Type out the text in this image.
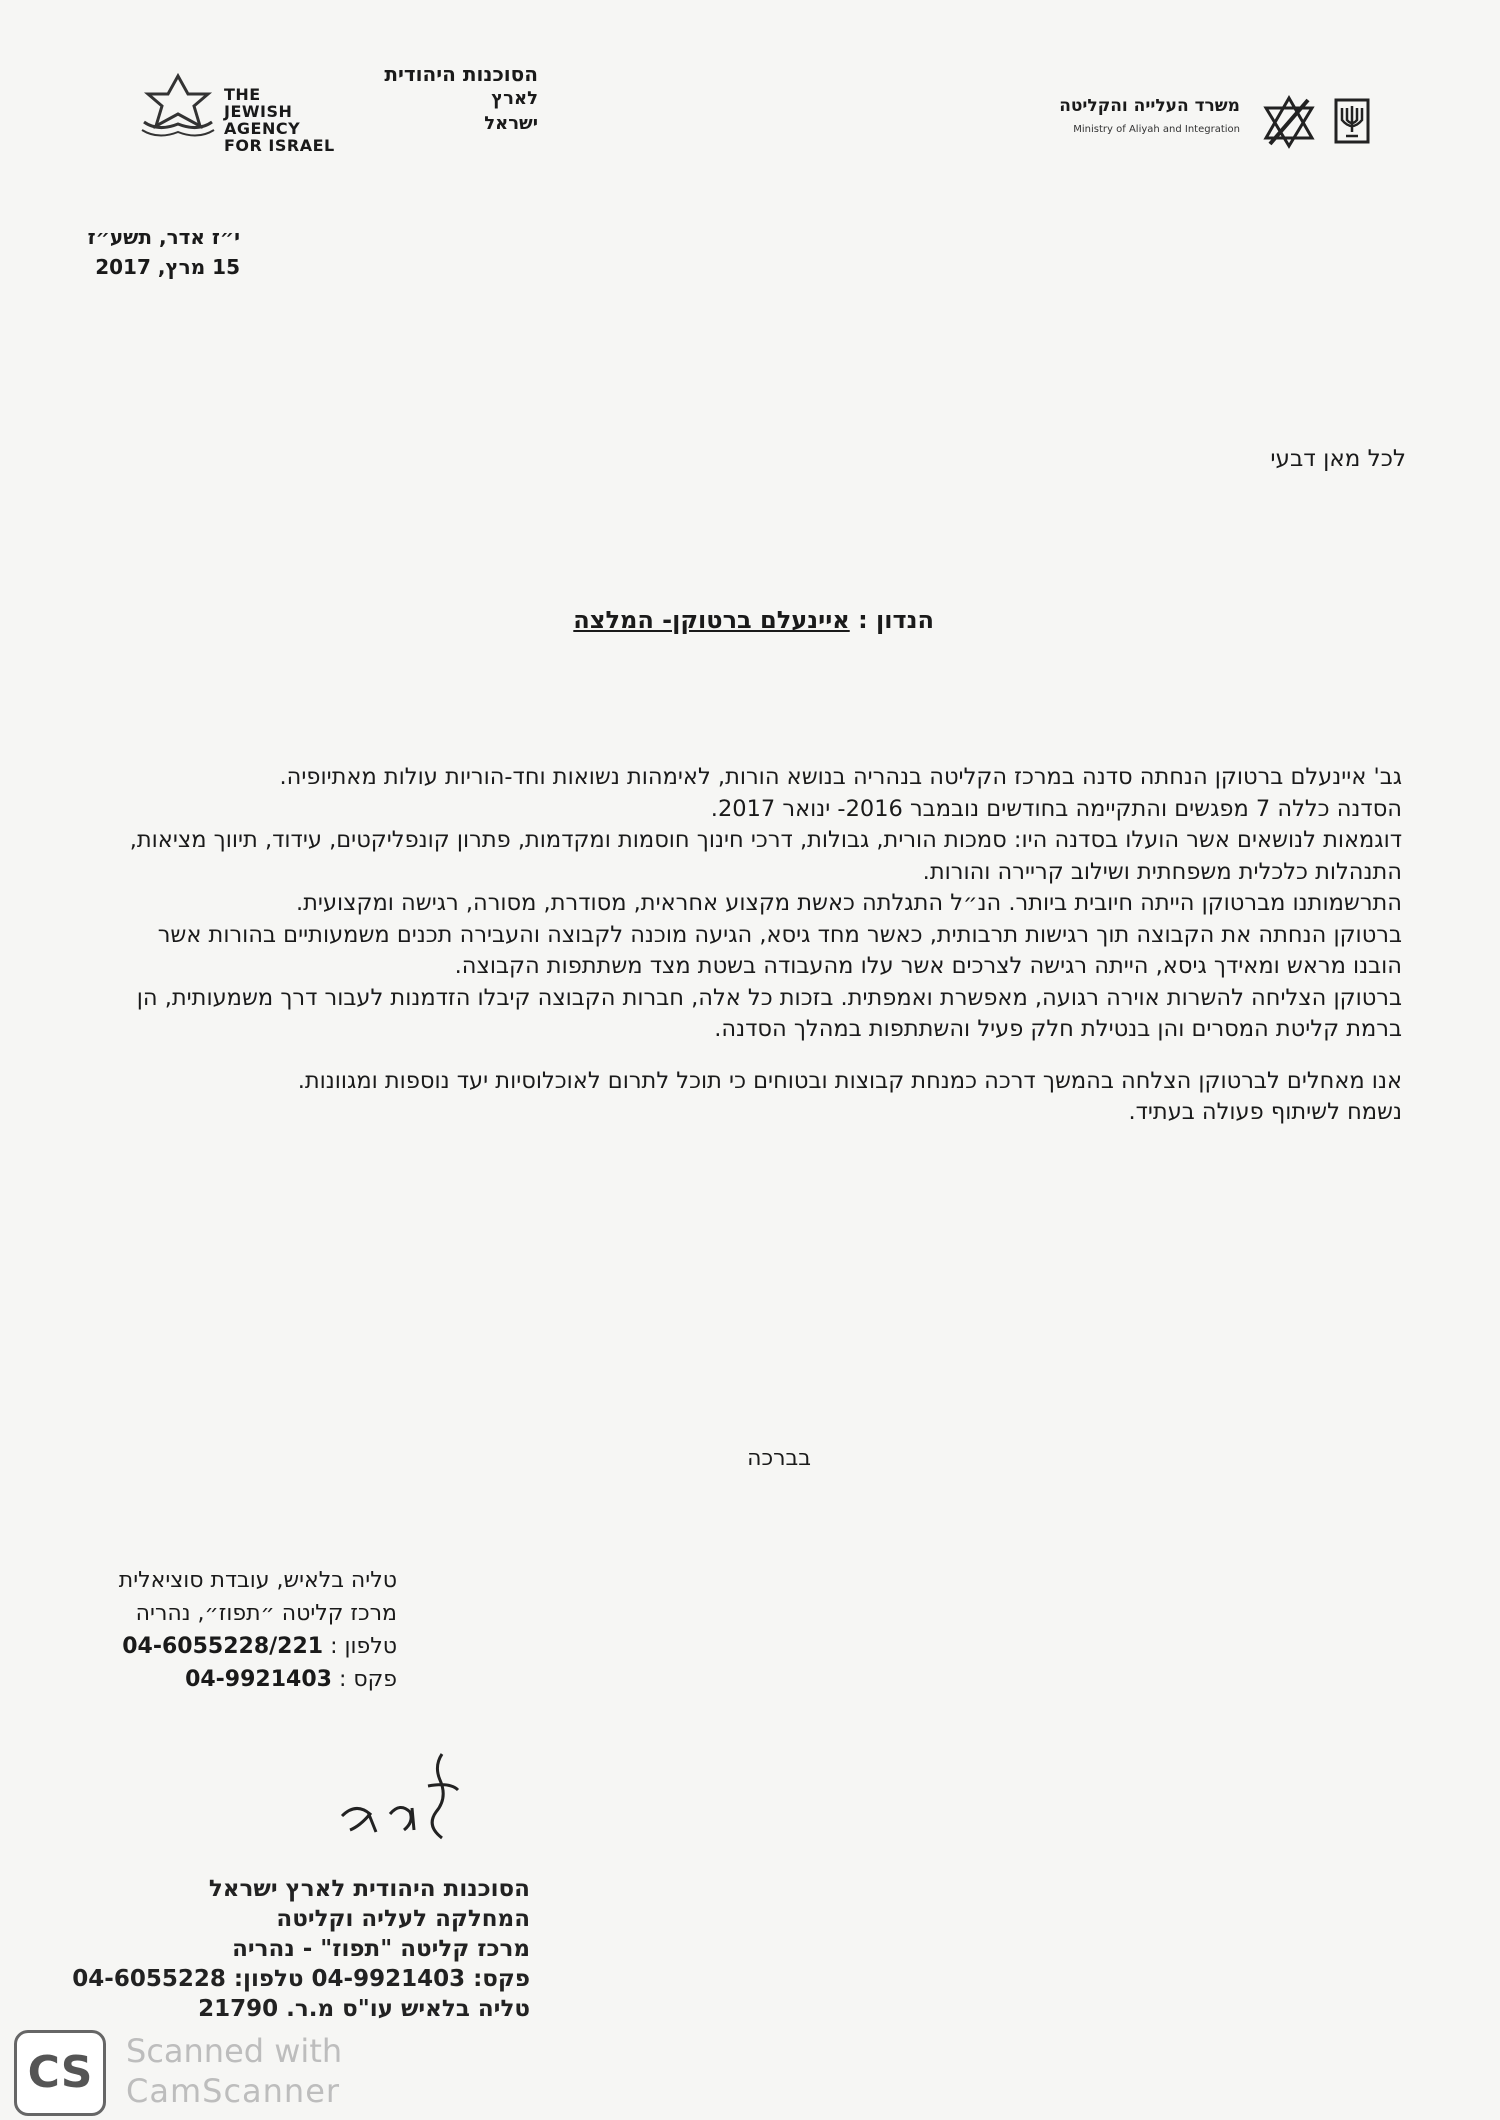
הסוכנות היהודית
THE
JEWISH AGENCY
FOR ISRAEL
לארץ
ישראל
משרד העלייה והקליטה
Ministry of Aliyah and Integration
י״ז אדר, תשע״ז
15 מרץ, 2017
לכל מאן דבעי
הנדון : איינעלם ברטוקן- המלצה

גב' איינעלם ברטוקן הנחתה סדנה במרכז הקליטה בנהריה בנושא הורות, לאימהות נשואות וחד-הוריות עולות מאתיופיה.

הסדנה כללה 7 מפגשים והתקיימה בחודשים נובמבר 2016- ינואר 2017.

דוגמאות לנושאים אשר הועלו בסדנה היו: סמכות הורית, גבולות, דרכי חינוך חוסמות ומקדמות, פתרון קונפליקטים, עידוד, תיווך מציאות, התנהלות כלכלית משפחתית ושילוב קריירה והורות.

התרשמותנו מברטוקן הייתה חיובית ביותר. הנ״ל התגלתה כאשת מקצוע אחראית, מסודרת, מסורה, רגישה ומקצועית.

ברטוקן הנחתה את הקבוצה תוך רגישות תרבותית, כאשר מחד גיסא, הגיעה מוכנה לקבוצה והעבירה תכנים משמעותיים בהורות אשר הובנו מראש ומאידך גיסא, הייתה רגישה לצרכים אשר עלו מהעבודה בשטת מצד משתתפות הקבוצה.

ברטוקן הצליחה להשרות אוירה רגועה, מאפשרת ואמפתית. בזכות כל אלה, חברות הקבוצה קיבלו הזדמנות לעבור דרך משמעותית, הן ברמת קליטת המסרים והן בנטילת חלק פעיל והשתתפות במהלך הסדנה.

אנו מאחלים לברטוקן הצלחה בהמשך דרכה כמנחת קבוצות ובטוחים כי תוכל לתרום לאוכלוסיות יעד נוספות ומגוונות.

נשמח לשיתוף פעולה בעתיד.

בברכה
טליה בלאיש, עובדת סוציאלית
מרכז קליטה ״תפוז״, נהריה
טלפון : 04-6055228/221
פקס : 04-9921403
הסוכנות היהודית לארץ ישראל
המחלקה לעליה וקליטה
מרכז קליטה "תפוז" - נהריה
פקס: 04-9921403 טלפון: 04-6055228
טליה בלאיש עו"ס מ.ר. 21790
CS	Scanned with
CamScanner
